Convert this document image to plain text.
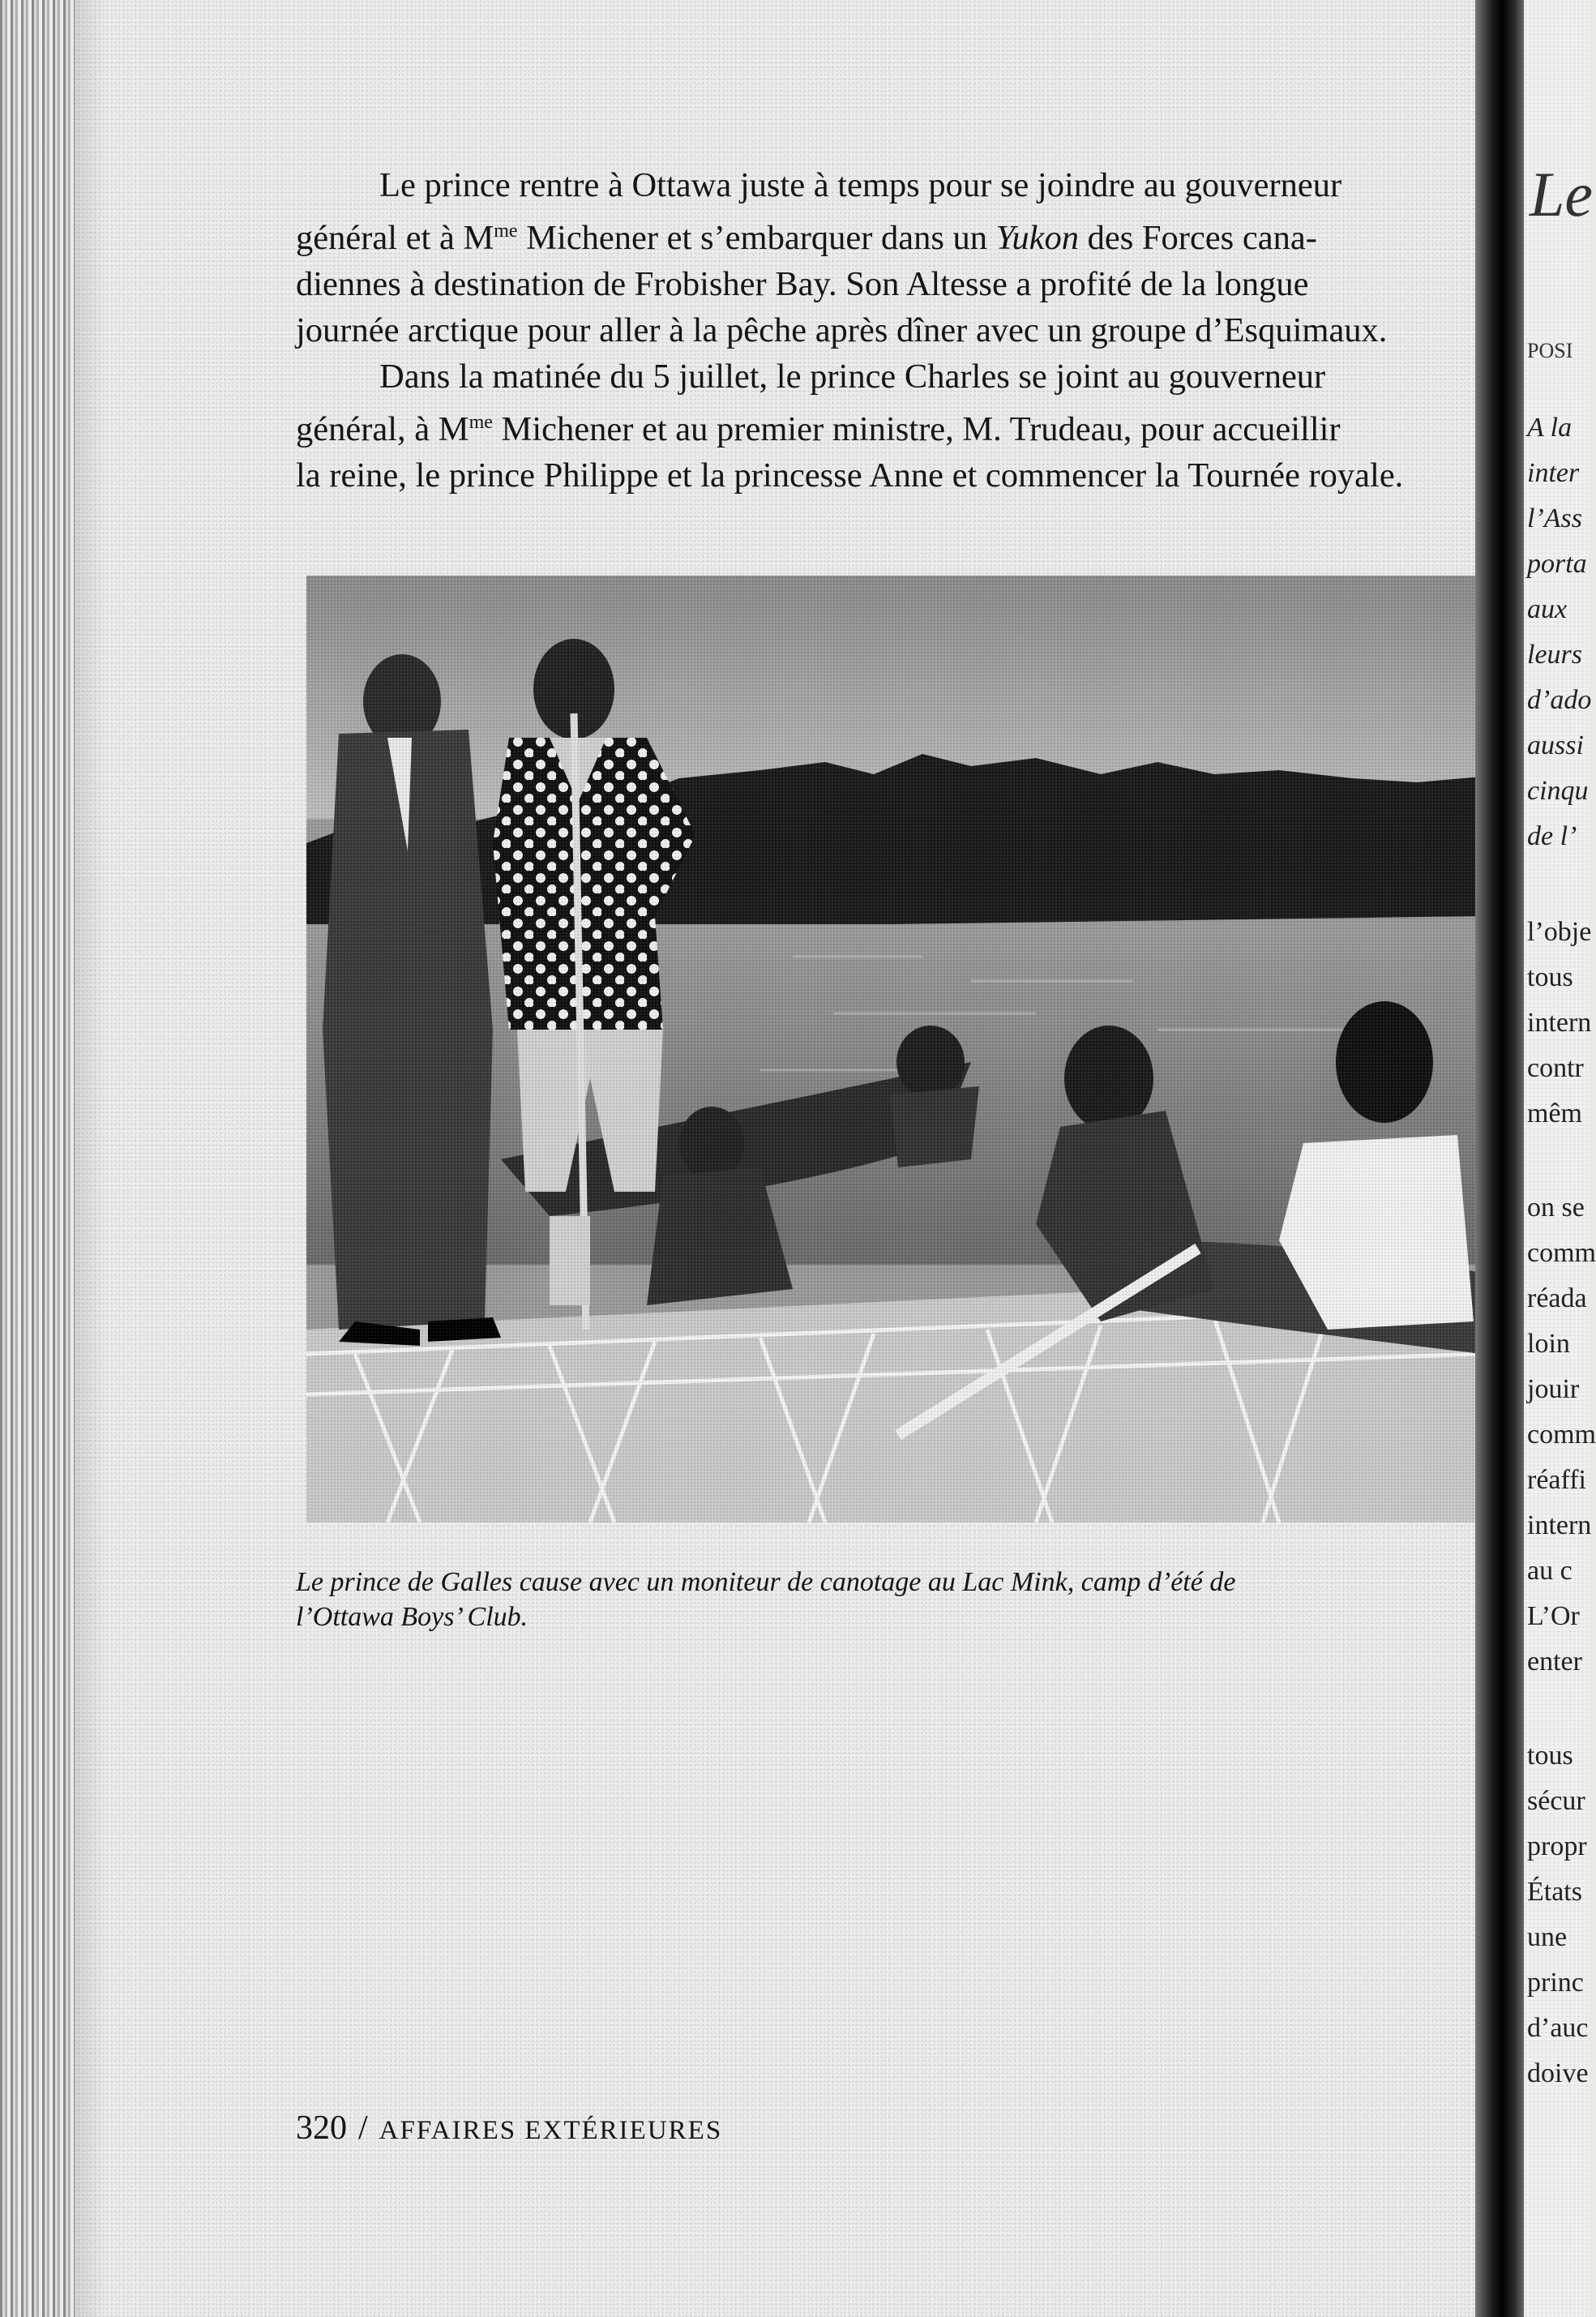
Le prince rentre à Ottawa juste à temps pour se joindre au gouverneur
général et à $M^{me}$ Michener et s’embarquer dans un Yukon des Forces cana-
diennes à destination de Frobisher Bay. Son Altesse a profité de la longue
journée arctique pour aller à la pêche après dîner avec un groupe d’Esquimaux.

Dans la matinée du 5 juillet, le prince Charles se joint au gouverneur
général, à $M^{me}$ Michener et au premier ministre, M. Trudeau, pour accueillir
la reine, le prince Philippe et la princesse Anne et commencer la Tournée royale.

Le prince de Galles cause avec un moniteur de canotage au Lac Mink, camp d’été de
l’Ottawa Boys’ Club.
320 / AFFAIRES EXTÉRIEURES
Le
POSI
A la
inter
l’Ass
porta
aux
leurs
d’ado
aussi
cinqu
de l’
l’obje
tous
intern
contr
mêm
on se
comm
réada
loin
jouir
comm
réaffi
intern
au c
L’Or
enter
tous
sécur
propr
États
une
princ
d’auc
doive
